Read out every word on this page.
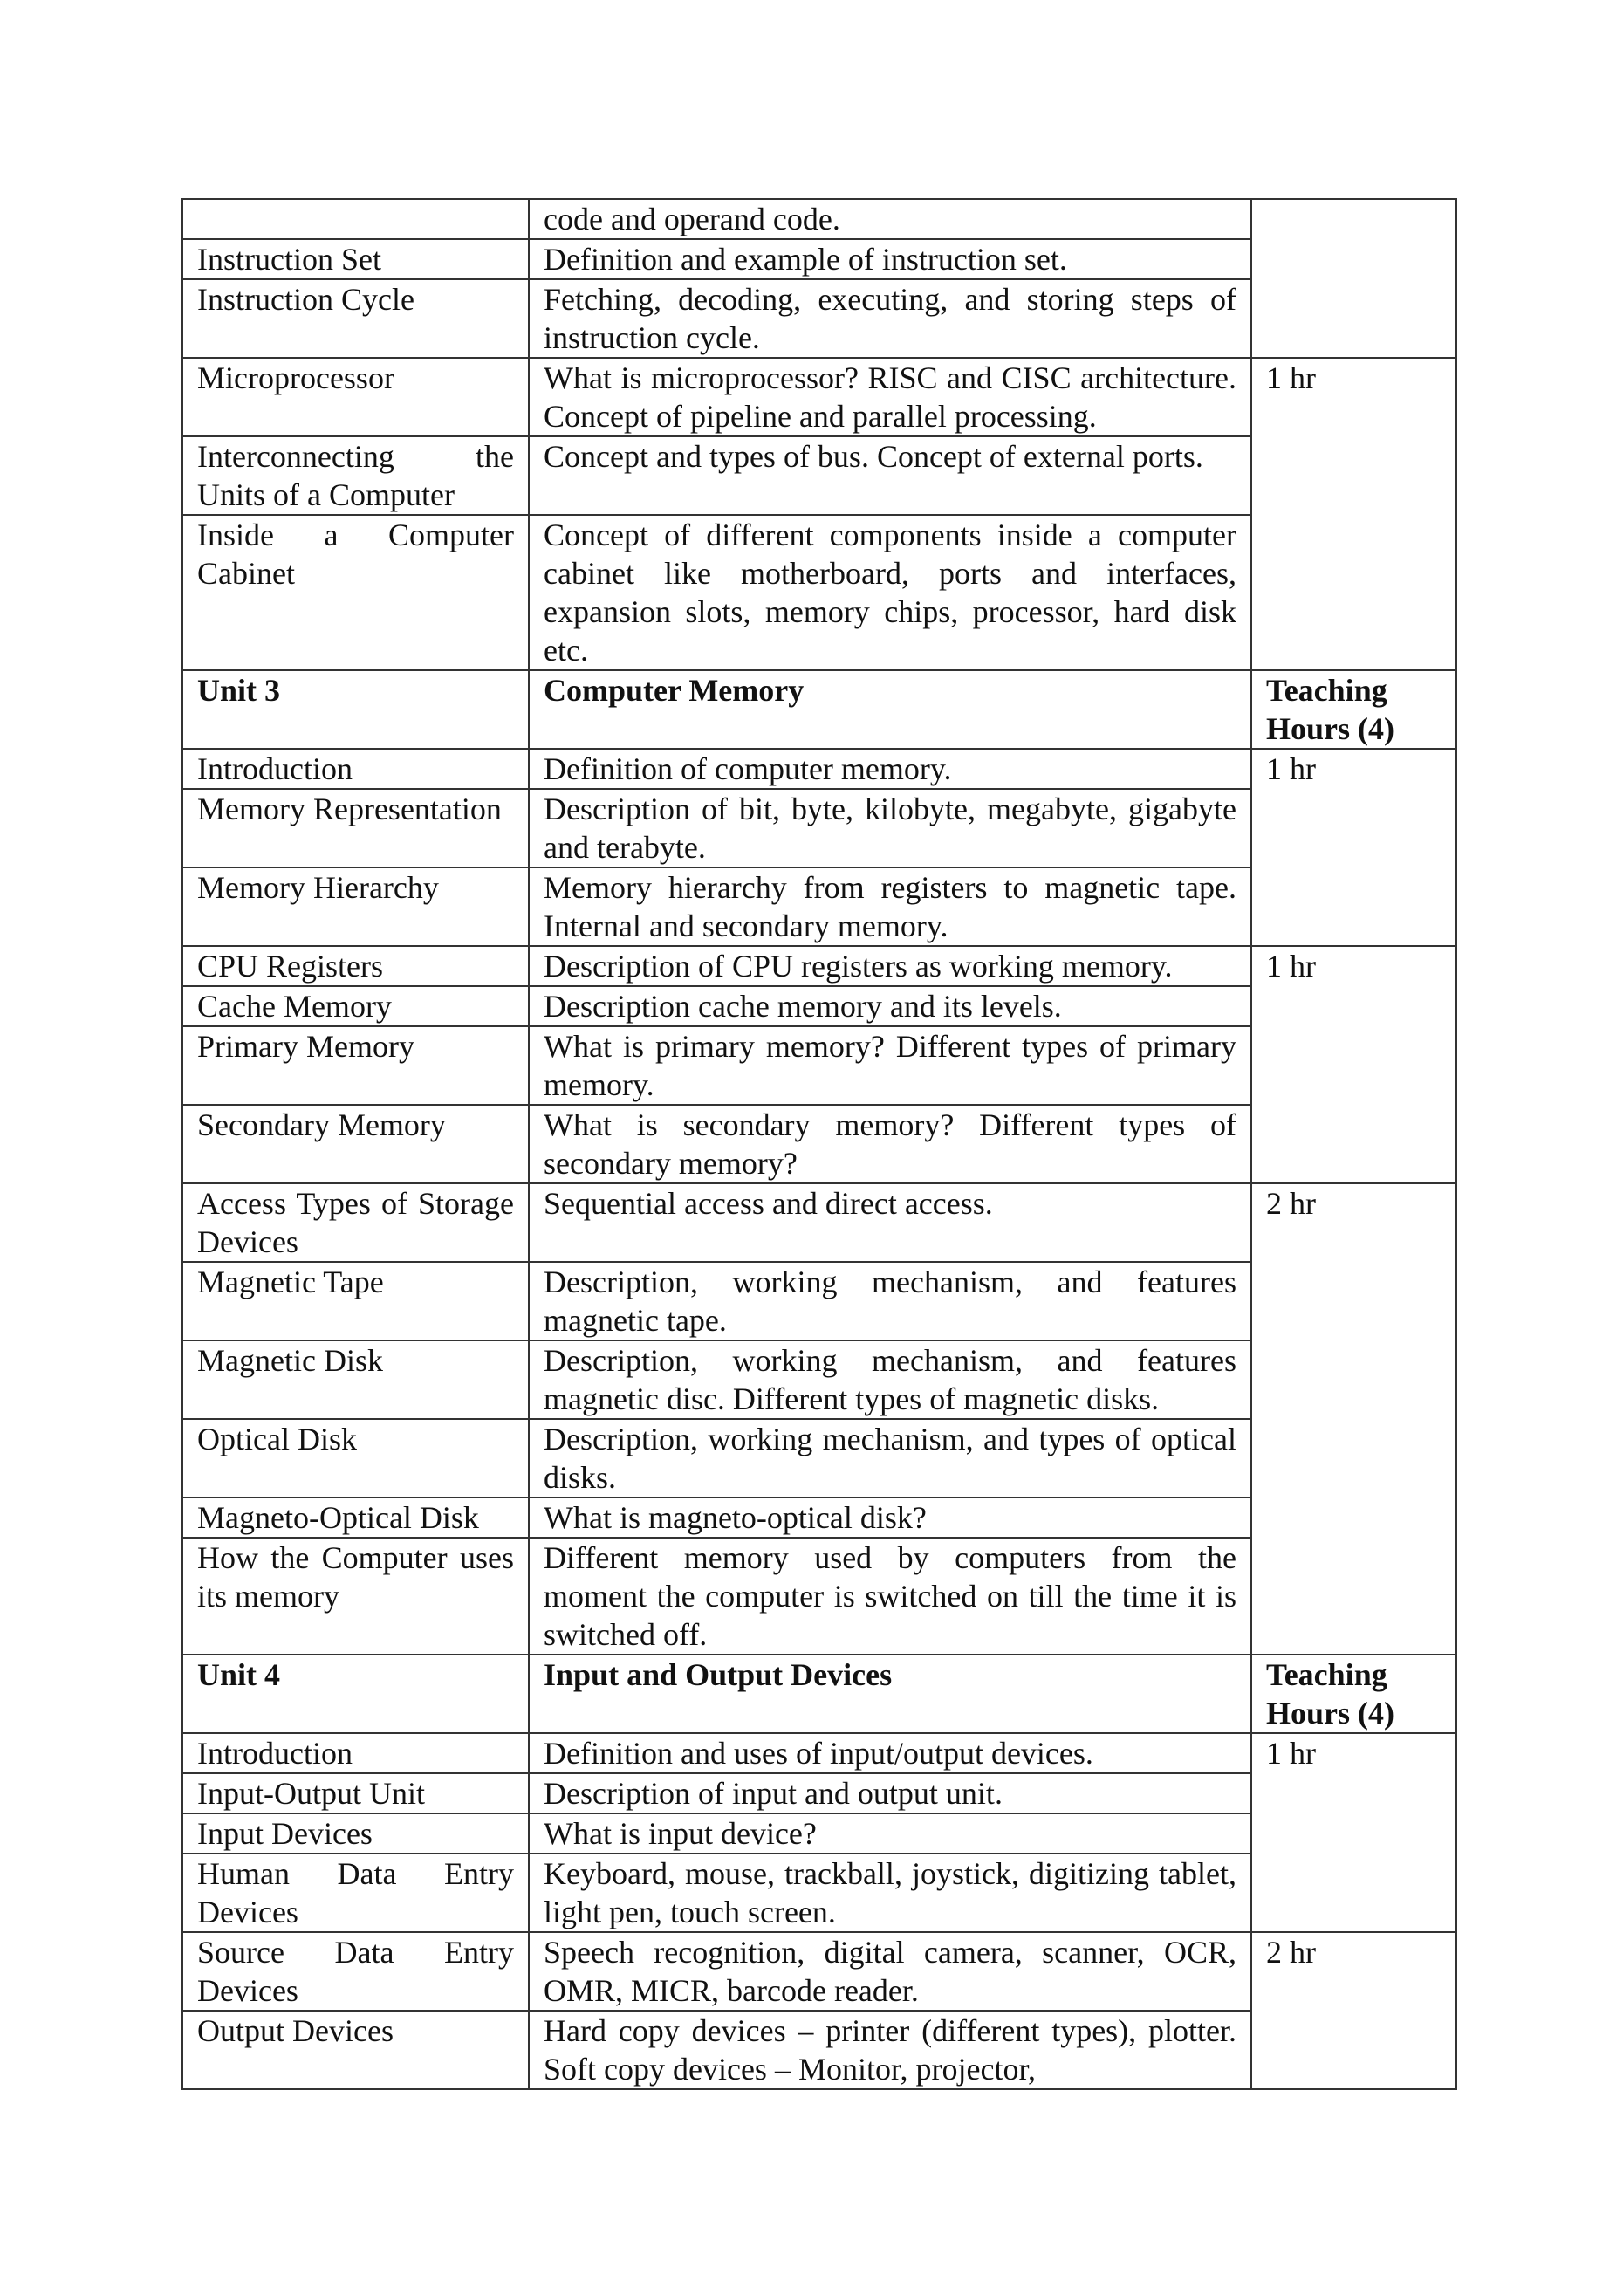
	code and operand code.	
Instruction Set	Definition and example of instruction set.	
Instruction Cycle	Fetching, decoding, executing, and storing steps of instruction cycle.	
Microprocessor	What is microprocessor? RISC and CISC architecture. Concept of pipeline and parallel processing.	1 hr
Interconnecting the Units of a Computer	Concept and types of bus. Concept of external ports.	
Inside a Computer Cabinet	Concept of different components inside a computer cabinet like motherboard, ports and interfaces, expansion slots, memory chips, processor, hard disk etc.	
Unit 3	Computer Memory	Teaching Hours (4)
Introduction	Definition of computer memory.	1 hr
Memory Representation	Description of bit, byte, kilobyte, megabyte, gigabyte and terabyte.	
Memory Hierarchy	Memory hierarchy from registers to magnetic tape. Internal and secondary memory.	
CPU Registers	Description of CPU registers as working memory.	1 hr
Cache Memory	Description cache memory and its levels.	
Primary Memory	What is primary memory? Different types of primary memory.	
Secondary Memory	What is secondary memory? Different types of secondary memory?	
Access Types of Storage Devices	Sequential access and direct access.	2 hr
Magnetic Tape	Description, working mechanism, and features magnetic tape.	
Magnetic Disk	Description, working mechanism, and features magnetic disc. Different types of magnetic disks.	
Optical Disk	Description, working mechanism, and types of optical disks.	
Magneto-Optical Disk	What is magneto-optical disk?	
How the Computer uses its memory	Different memory used by computers from the moment the computer is switched on till the time it is switched off.	
Unit 4	Input and Output Devices	Teaching Hours (4)
Introduction	Definition and uses of input/output devices.	1 hr
Input-Output Unit	Description of input and output unit.	
Input Devices	What is input device?	
Human Data Entry Devices	Keyboard, mouse, trackball, joystick, digitizing tablet, light pen, touch screen.	
Source Data Entry Devices	Speech recognition, digital camera, scanner, OCR, OMR, MICR, barcode reader.	2 hr
Output Devices	Hard copy devices – printer (different types), plotter. Soft copy devices – Monitor, projector,	
